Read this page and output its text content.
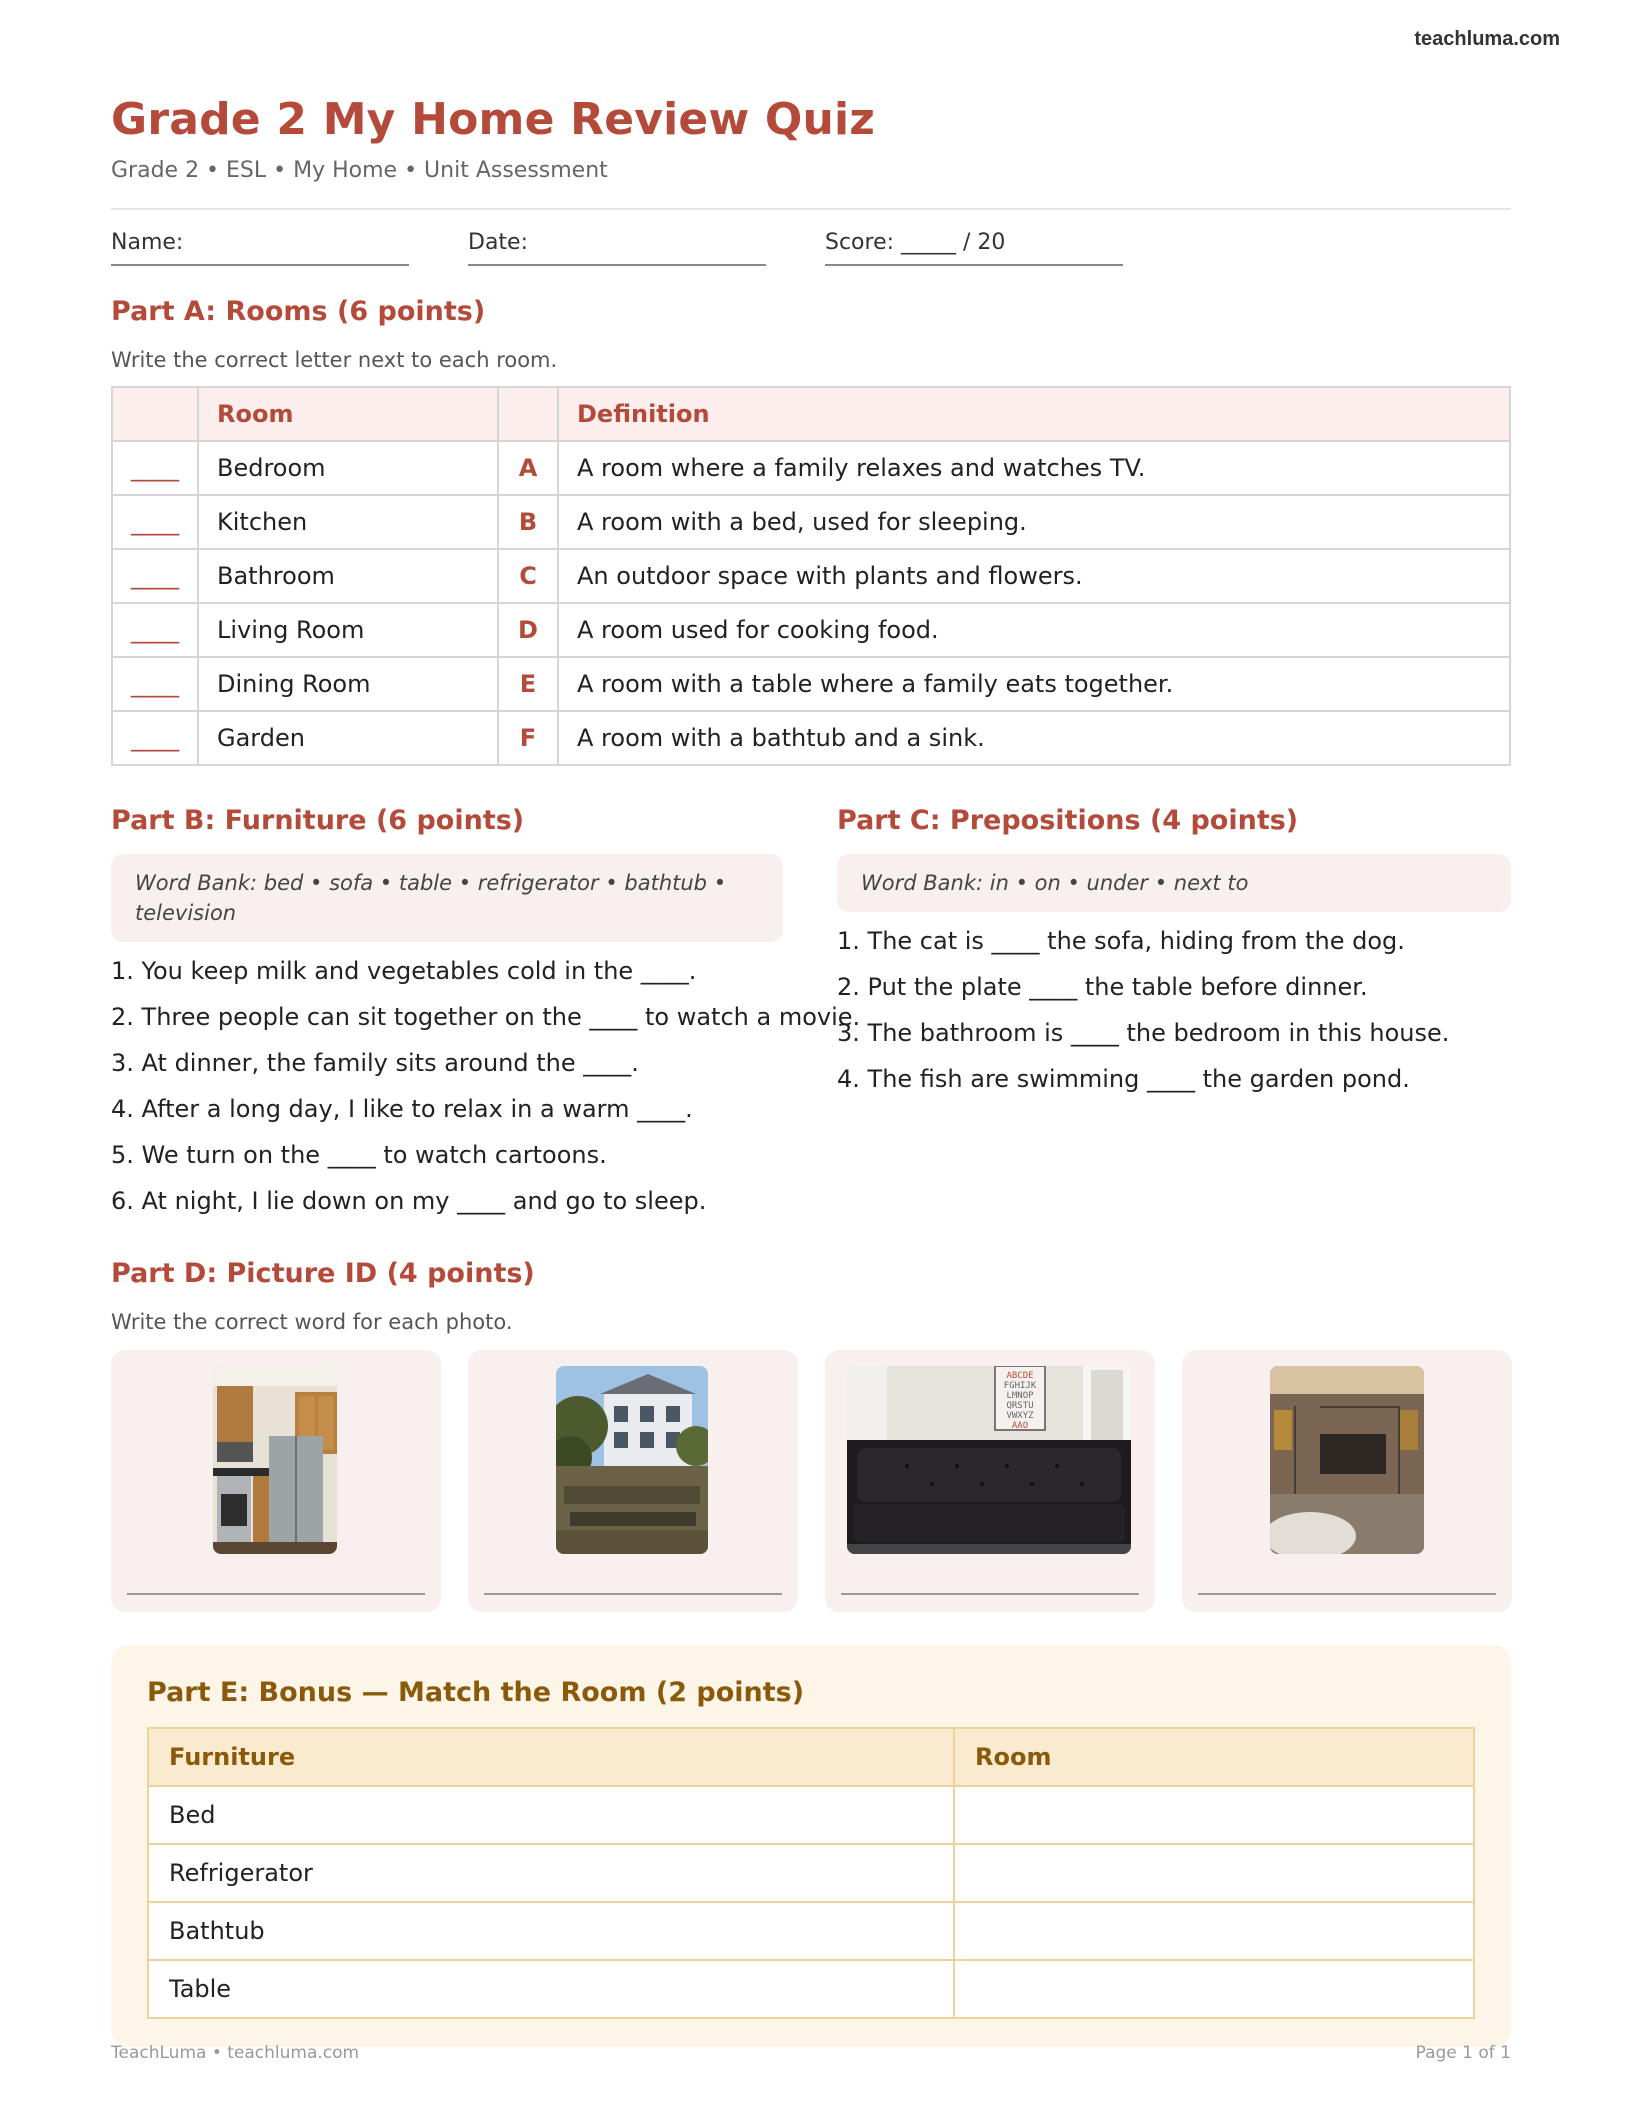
teachluma.com
Grade 2 My Home Review Quiz
Grade 2 • ESL • My Home • Unit Assessment
Name:	Date:	Score: _____ / 20
Part A: Rooms (6 points)
Write the correct letter next to each room.
	Room		Definition
____	Bedroom	A	A room where a family relaxes and watches TV.
____	Kitchen	B	A room with a bed, used for sleeping.
____	Bathroom	C	An outdoor space with plants and flowers.
____	Living Room	D	A room used for cooking food.
____	Dining Room	E	A room with a table where a family eats together.
____	Garden	F	A room with a bathtub and a sink.
Part B: Furniture (6 points)
Word Bank: bed • sofa • table • refrigerator • bathtub • television
1. You keep milk and vegetables cold in the ____.
2. Three people can sit together on the ____ to watch a movie.
3. At dinner, the family sits around the ____.
4. After a long day, I like to relax in a warm ____.
5. We turn on the ____ to watch cartoons.
6. At night, I lie down on my ____ and go to sleep.
Part C: Prepositions (4 points)
Word Bank: in • on • under • next to
1. The cat is ____ the sofa, hiding from the dog.
2. Put the plate ____ the table before dinner.
3. The bathroom is ____ the bedroom in this house.
4. The fish are swimming ____ the garden pond.
Part D: Picture ID (4 points)
Write the correct word for each photo.
ABCDE
FGHIJK
LMNOP
QRSTU
VWXYZ
AAO
Part E: Bonus — Match the Room (2 points)
Furniture	Room
Bed	
Refrigerator	
Bathtub	
Table	
TeachLuma • teachluma.com	Page 1 of 1
